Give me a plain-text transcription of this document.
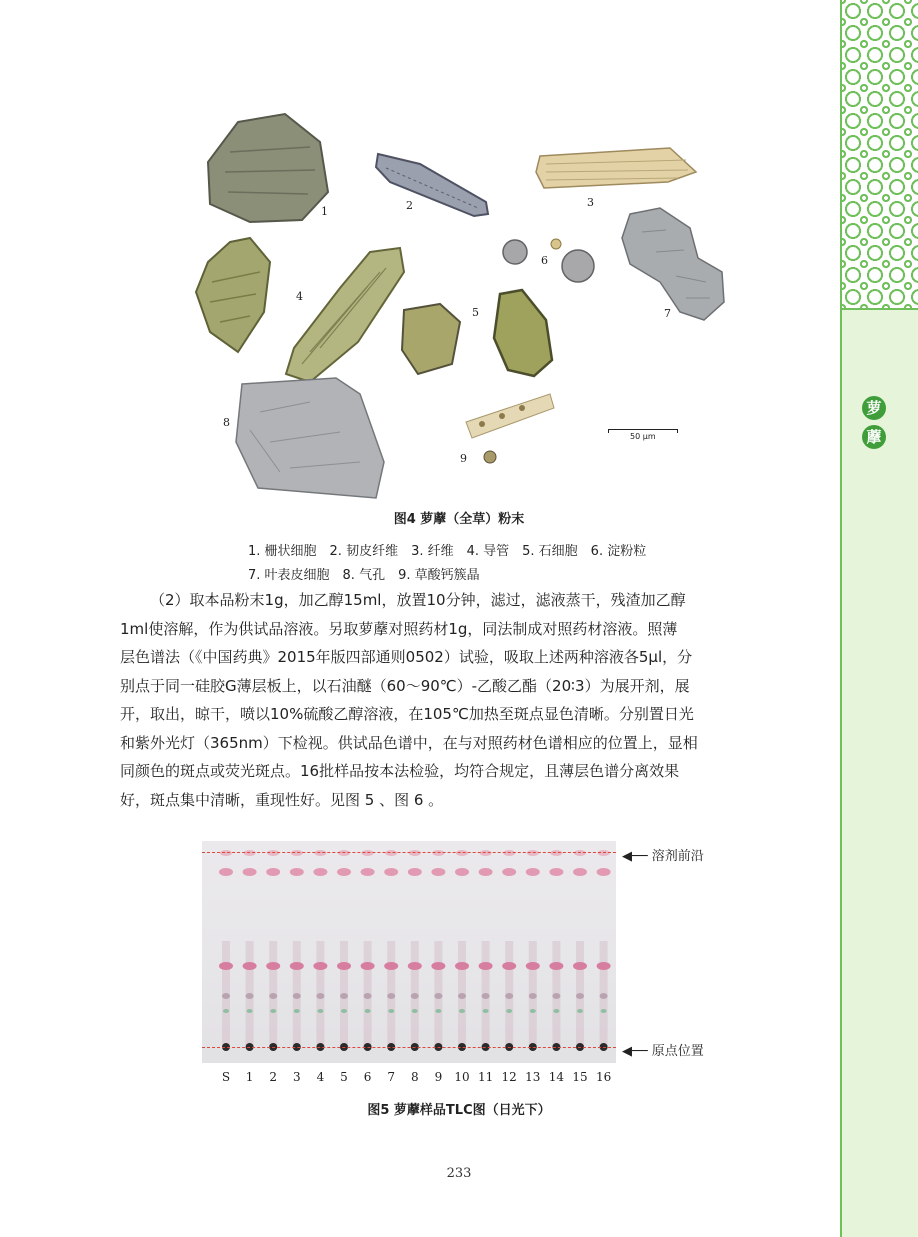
萝
藦
1	2	3
4
5
6
7
8
9
50 μm
图4 萝藦（全草）粉末
1. 栅状细胞　2. 韧皮纤维　3. 纤维　4. 导管　5. 石细胞　6. 淀粉粒
7. 叶表皮细胞　8. 气孔　9. 草酸钙簇晶
（2）取本品粉末1g，加乙醇15ml，放置10分钟，滤过，滤液蒸干，残渣加乙醇
1ml使溶解，作为供试品溶液。另取萝藦对照药材1g，同法制成对照药材溶液。照薄
层色谱法（《中国药典》2015年版四部通则0502）试验，吸取上述两种溶液各5μl，分
别点于同一硅胶G薄层板上，以石油醚（60～90℃）-乙酸乙酯（20∶3）为展开剂，展
开，取出，晾干，喷以10%硫酸乙醇溶液，在105℃加热至斑点显色清晰。分别置日光
和紫外光灯（365nm）下检视。供试品色谱中，在与对照药材色谱相应的位置上，显相
同颜色的斑点或荧光斑点。16批样品按本法检验，均符合规定，且薄层色谱分离效果
好，斑点集中清晰，重现性好。见图 5 、图 6 。
◀── 溶剂前沿
◀── 原点位置
S	1	2	3	4	5	6	7	8	9	10 11 12 13 14 15 16
图5 萝藦样品TLC图（日光下）
233
